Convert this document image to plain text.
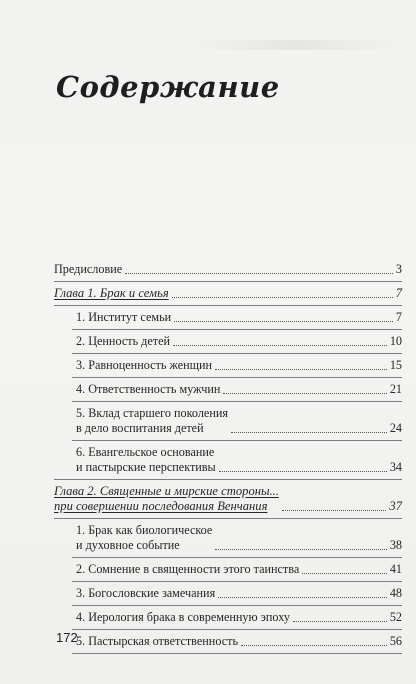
Содержание
Предисловие	3
Глава 1. Брак и семья	7
1. Институт семьи	7
2. Ценность детей	10
3. Равноценность женщин	15
4. Ответственность мужчин	21
5. Вклад старшего поколения
в дело воспитания детей	24
6. Евангельское основание
и пастырские перспективы	34
Глава 2. Священные и мирские стороны...
при совершении последования Венчания	37
1. Брак как биологическое
и духовное событие	38
2. Сомнение в священности этого таинства	41
3. Богословские замечания	48
4. Иерология брака в современную эпоху	52
5. Пастырская ответственность	56
172
